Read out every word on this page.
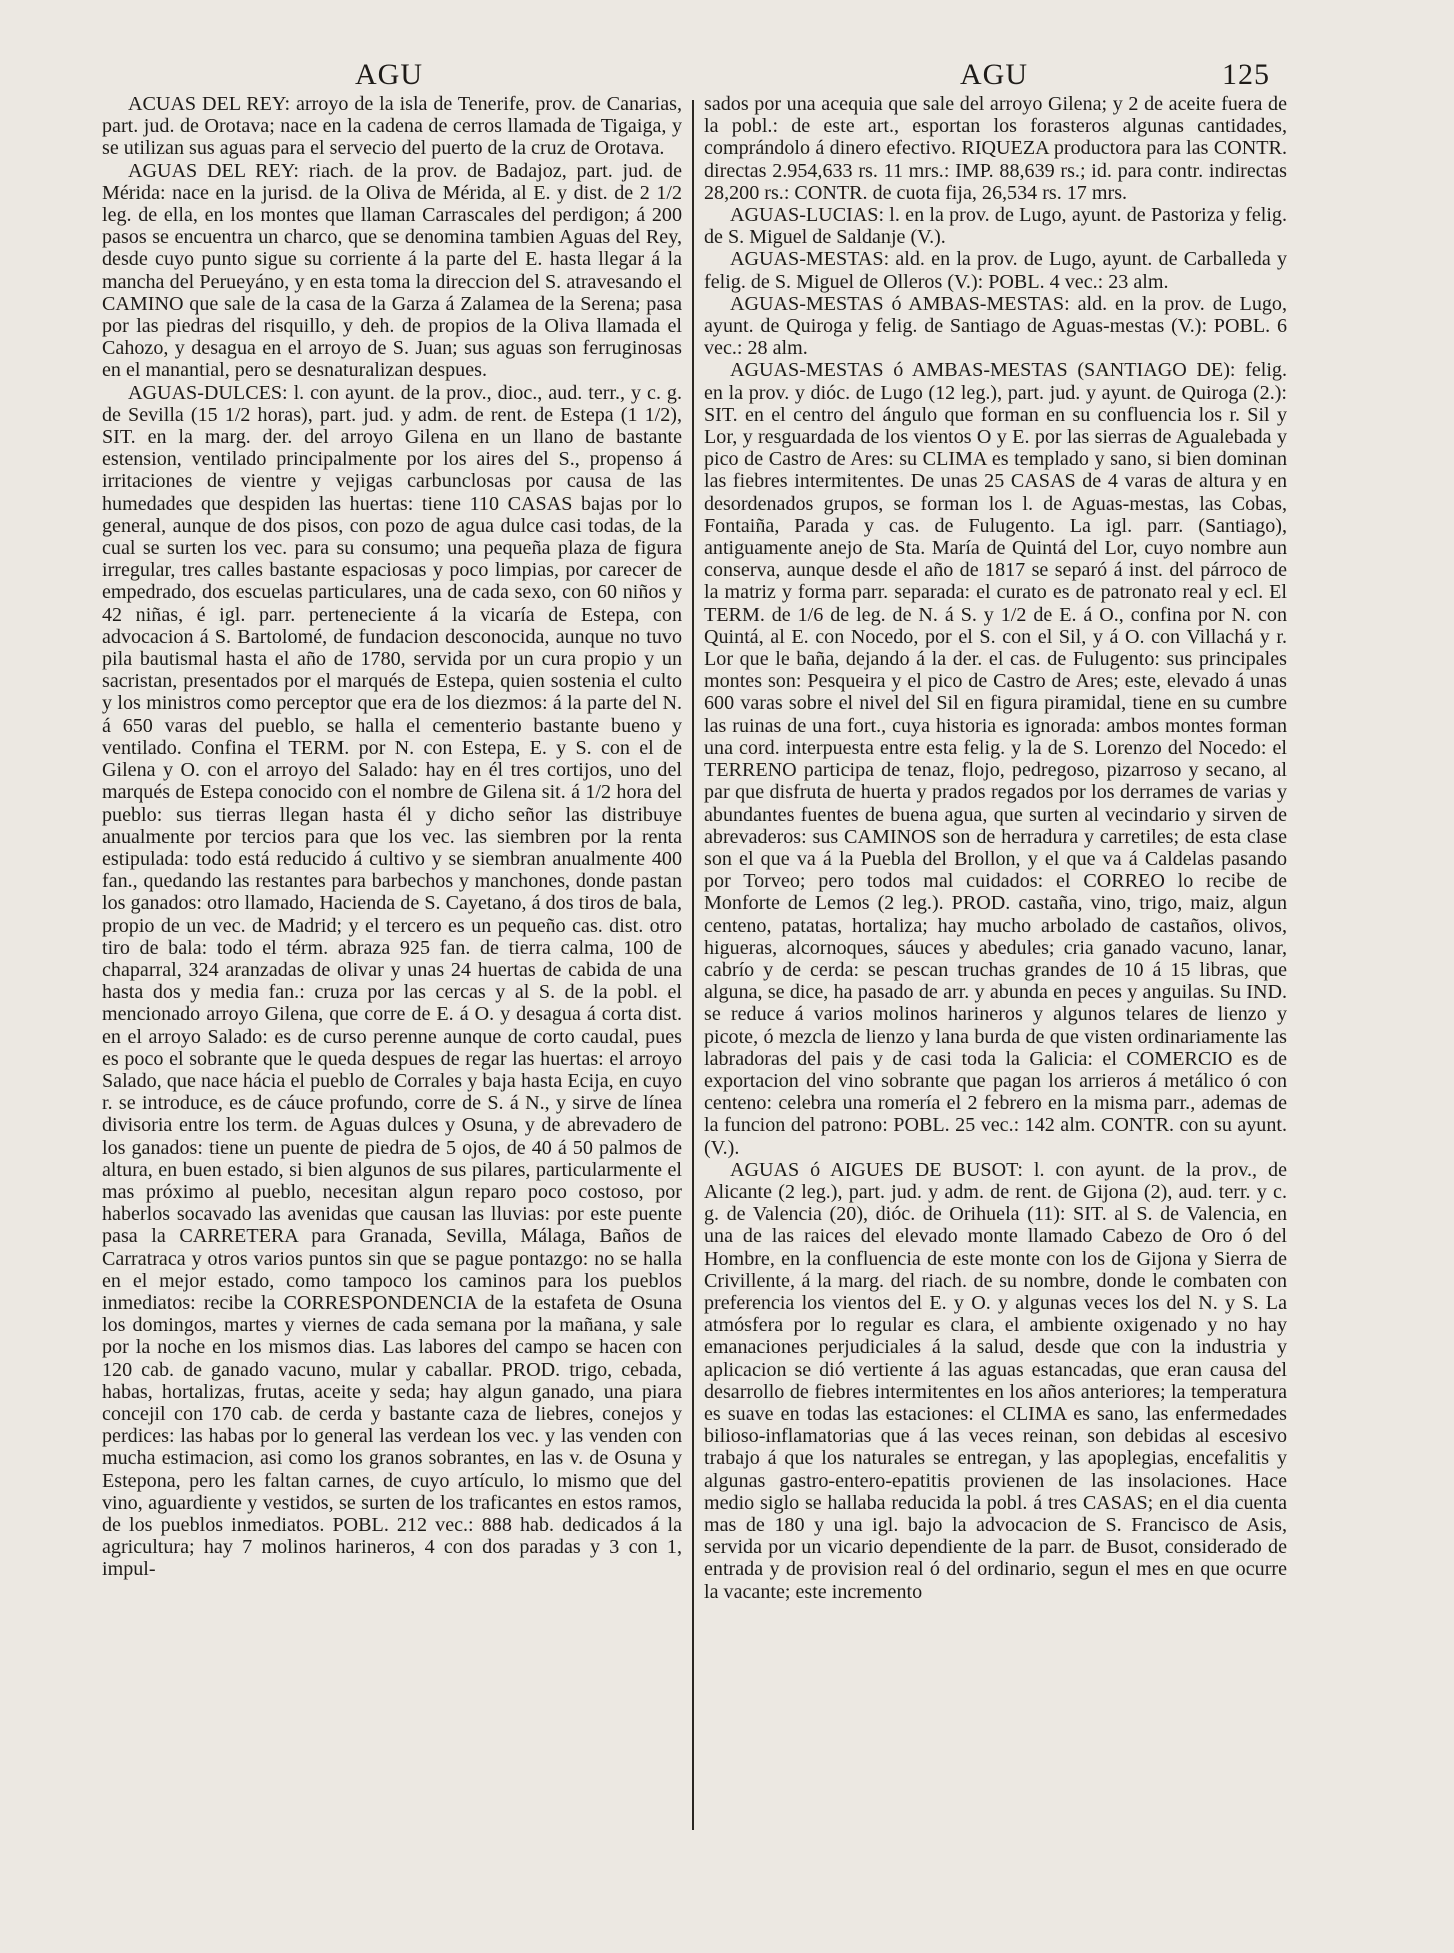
AGU	AGU	125

ACUAS DEL REY: arroyo de la isla de Tenerife, prov. de Canarias, part. jud. de Orotava; nace en la cadena de cerros llamada de Tigaiga, y se utilizan sus aguas para el servecio del puerto de la cruz de Orotava.

AGUAS DEL REY: riach. de la prov. de Badajoz, part. jud. de Mérida: nace en la jurisd. de la Oliva de Mérida, al E. y dist. de 2 1/2 leg. de ella, en los montes que llaman Carrascales del perdigon; á 200 pasos se encuentra un charco, que se denomina tambien Aguas del Rey, desde cuyo punto sigue su corriente á la parte del E. hasta llegar á la mancha del Perueyáno, y en esta toma la direccion del S. atravesando el CAMINO que sale de la casa de la Garza á Zalamea de la Serena; pasa por las piedras del risquillo, y deh. de propios de la Oliva llamada el Cahozo, y desagua en el arroyo de S. Juan; sus aguas son ferruginosas en el manantial, pero se desnaturalizan despues.

AGUAS-DULCES: l. con ayunt. de la prov., dioc., aud. terr., y c. g. de Sevilla (15 1/2 horas), part. jud. y adm. de rent. de Estepa (1 1/2), SIT. en la marg. der. del arroyo Gilena en un llano de bastante estension, ventilado principalmente por los aires del S., propenso á irritaciones de vientre y vejigas carbunclosas por causa de las humedades que despiden las huertas: tiene 110 CASAS bajas por lo general, aunque de dos pisos, con pozo de agua dulce casi todas, de la cual se surten los vec. para su consumo; una pequeña plaza de figura irregular, tres calles bastante espaciosas y poco limpias, por carecer de empedrado, dos escuelas particulares, una de cada sexo, con 60 niños y 42 niñas, é igl. parr. perteneciente á la vicaría de Estepa, con advocacion á S. Bartolomé, de fundacion desconocida, aunque no tuvo pila bautismal hasta el año de 1780, servida por un cura propio y un sacristan, presentados por el marqués de Estepa, quien sostenia el culto y los ministros como perceptor que era de los diezmos: á la parte del N. á 650 varas del pueblo, se halla el cementerio bastante bueno y ventilado. Confina el TERM. por N. con Estepa, E. y S. con el de Gilena y O. con el arroyo del Salado: hay en él tres cortijos, uno del marqués de Estepa conocido con el nombre de Gilena sit. á 1/2 hora del pueblo: sus tierras llegan hasta él y dicho señor las distribuye anualmente por tercios para que los vec. las siembren por la renta estipulada: todo está reducido á cultivo y se siembran anualmente 400 fan., quedando las restantes para barbechos y manchones, donde pastan los ganados: otro llamado, Hacienda de S. Cayetano, á dos tiros de bala, propio de un vec. de Madrid; y el tercero es un pequeño cas. dist. otro tiro de bala: todo el térm. abraza 925 fan. de tierra calma, 100 de chaparral, 324 aranzadas de olivar y unas 24 huertas de cabida de una hasta dos y media fan.: cruza por las cercas y al S. de la pobl. el mencionado arroyo Gilena, que corre de E. á O. y desagua á corta dist. en el arroyo Salado: es de curso perenne aunque de corto caudal, pues es poco el sobrante que le queda despues de regar las huertas: el arroyo Salado, que nace hácia el pueblo de Corrales y baja hasta Ecija, en cuyo r. se introduce, es de cáuce profundo, corre de S. á N., y sirve de línea divisoria entre los term. de Aguas dulces y Osuna, y de abrevadero de los ganados: tiene un puente de piedra de 5 ojos, de 40 á 50 palmos de altura, en buen estado, si bien algunos de sus pilares, particularmente el mas próximo al pueblo, necesitan algun reparo poco costoso, por haberlos socavado las avenidas que causan las lluvias: por este puente pasa la CARRETERA para Granada, Sevilla, Málaga, Baños de Carratraca y otros varios puntos sin que se pague pontazgo: no se halla en el mejor estado, como tampoco los caminos para los pueblos inmediatos: recibe la CORRESPONDENCIA de la estafeta de Osuna los domingos, martes y viernes de cada semana por la mañana, y sale por la noche en los mismos dias. Las labores del campo se hacen con 120 cab. de ganado vacuno, mular y caballar. PROD. trigo, cebada, habas, hortalizas, frutas, aceite y seda; hay algun ganado, una piara concejil con 170 cab. de cerda y bastante caza de liebres, conejos y perdices: las habas por lo general las verdean los vec. y las venden con mucha estimacion, asi como los granos sobrantes, en las v. de Osuna y Estepona, pero les faltan carnes, de cuyo artículo, lo mismo que del vino, aguardiente y vestidos, se surten de los traficantes en estos ramos, de los pueblos inmediatos. POBL. 212 vec.: 888 hab. dedicados á la agricultura; hay 7 molinos harineros, 4 con dos paradas y 3 con 1, impul-

sados por una acequia que sale del arroyo Gilena; y 2 de aceite fuera de la pobl.: de este art., esportan los forasteros algunas cantidades, comprándolo á dinero efectivo. RIQUEZA productora para las CONTR. directas 2.954,633 rs. 11 mrs.: IMP. 88,639 rs.; id. para contr. indirectas 28,200 rs.: CONTR. de cuota fija, 26,534 rs. 17 mrs.

AGUAS-LUCIAS: l. en la prov. de Lugo, ayunt. de Pastoriza y felig. de S. Miguel de Saldanje (V.).

AGUAS-MESTAS: ald. en la prov. de Lugo, ayunt. de Carballeda y felig. de S. Miguel de Olleros (V.): POBL. 4 vec.: 23 alm.

AGUAS-MESTAS ó AMBAS-MESTAS: ald. en la prov. de Lugo, ayunt. de Quiroga y felig. de Santiago de Aguas-mestas (V.): POBL. 6 vec.: 28 alm.

AGUAS-MESTAS ó AMBAS-MESTAS (SANTIAGO DE): felig. en la prov. y dióc. de Lugo (12 leg.), part. jud. y ayunt. de Quiroga (2.): SIT. en el centro del ángulo que forman en su confluencia los r. Sil y Lor, y resguardada de los vientos O y E. por las sierras de Agualebada y pico de Castro de Ares: su CLIMA es templado y sano, si bien dominan las fiebres intermitentes. De unas 25 CASAS de 4 varas de altura y en desordenados grupos, se forman los l. de Aguas-mestas, las Cobas, Fontaiña, Parada y cas. de Fulugento. La igl. parr. (Santiago), antiguamente anejo de Sta. María de Quintá del Lor, cuyo nombre aun conserva, aunque desde el año de 1817 se separó á inst. del párroco de la matriz y forma parr. separada: el curato es de patronato real y ecl. El TERM. de 1/6 de leg. de N. á S. y 1/2 de E. á O., confina por N. con Quintá, al E. con Nocedo, por el S. con el Sil, y á O. con Villachá y r. Lor que le baña, dejando á la der. el cas. de Fulugento: sus principales montes son: Pesqueira y el pico de Castro de Ares; este, elevado á unas 600 varas sobre el nivel del Sil en figura piramidal, tiene en su cumbre las ruinas de una fort., cuya historia es ignorada: ambos montes forman una cord. interpuesta entre esta felig. y la de S. Lorenzo del Nocedo: el TERRENO participa de tenaz, flojo, pedregoso, pizarroso y secano, al par que disfruta de huerta y prados regados por los derrames de varias y abundantes fuentes de buena agua, que surten al vecindario y sirven de abrevaderos: sus CAMINOS son de herradura y carretiles; de esta clase son el que va á la Puebla del Brollon, y el que va á Caldelas pasando por Torveo; pero todos mal cuidados: el CORREO lo recibe de Monforte de Lemos (2 leg.). PROD. castaña, vino, trigo, maiz, algun centeno, patatas, hortaliza; hay mucho arbolado de castaños, olivos, higueras, alcornoques, sáuces y abedules; cria ganado vacuno, lanar, cabrío y de cerda: se pescan truchas grandes de 10 á 15 libras, que alguna, se dice, ha pasado de arr. y abunda en peces y anguilas. Su IND. se reduce á varios molinos harineros y algunos telares de lienzo y picote, ó mezcla de lienzo y lana burda de que visten ordinariamente las labradoras del pais y de casi toda la Galicia: el COMERCIO es de exportacion del vino sobrante que pagan los arrieros á metálico ó con centeno: celebra una romería el 2 febrero en la misma parr., ademas de la funcion del patrono: POBL. 25 vec.: 142 alm. CONTR. con su ayunt. (V.).

AGUAS ó AIGUES DE BUSOT: l. con ayunt. de la prov., de Alicante (2 leg.), part. jud. y adm. de rent. de Gijona (2), aud. terr. y c. g. de Valencia (20), dióc. de Orihuela (11): SIT. al S. de Valencia, en una de las raices del elevado monte llamado Cabezo de Oro ó del Hombre, en la confluencia de este monte con los de Gijona y Sierra de Crivillente, á la marg. del riach. de su nombre, donde le combaten con preferencia los vientos del E. y O. y algunas veces los del N. y S. La atmósfera por lo regular es clara, el ambiente oxigenado y no hay emanaciones perjudiciales á la salud, desde que con la industria y aplicacion se dió vertiente á las aguas estancadas, que eran causa del desarrollo de fiebres intermitentes en los años anteriores; la temperatura es suave en todas las estaciones: el CLIMA es sano, las enfermedades bilioso-inflamatorias que á las veces reinan, son debidas al escesivo trabajo á que los naturales se entregan, y las apoplegias, encefalitis y algunas gastro-entero-epatitis provienen de las insolaciones. Hace medio siglo se hallaba reducida la pobl. á tres CASAS; en el dia cuenta mas de 180 y una igl. bajo la advocacion de S. Francisco de Asis, servida por un vicario dependiente de la parr. de Busot, considerado de entrada y de provision real ó del ordinario, segun el mes en que ocurre la vacante; este incremento
